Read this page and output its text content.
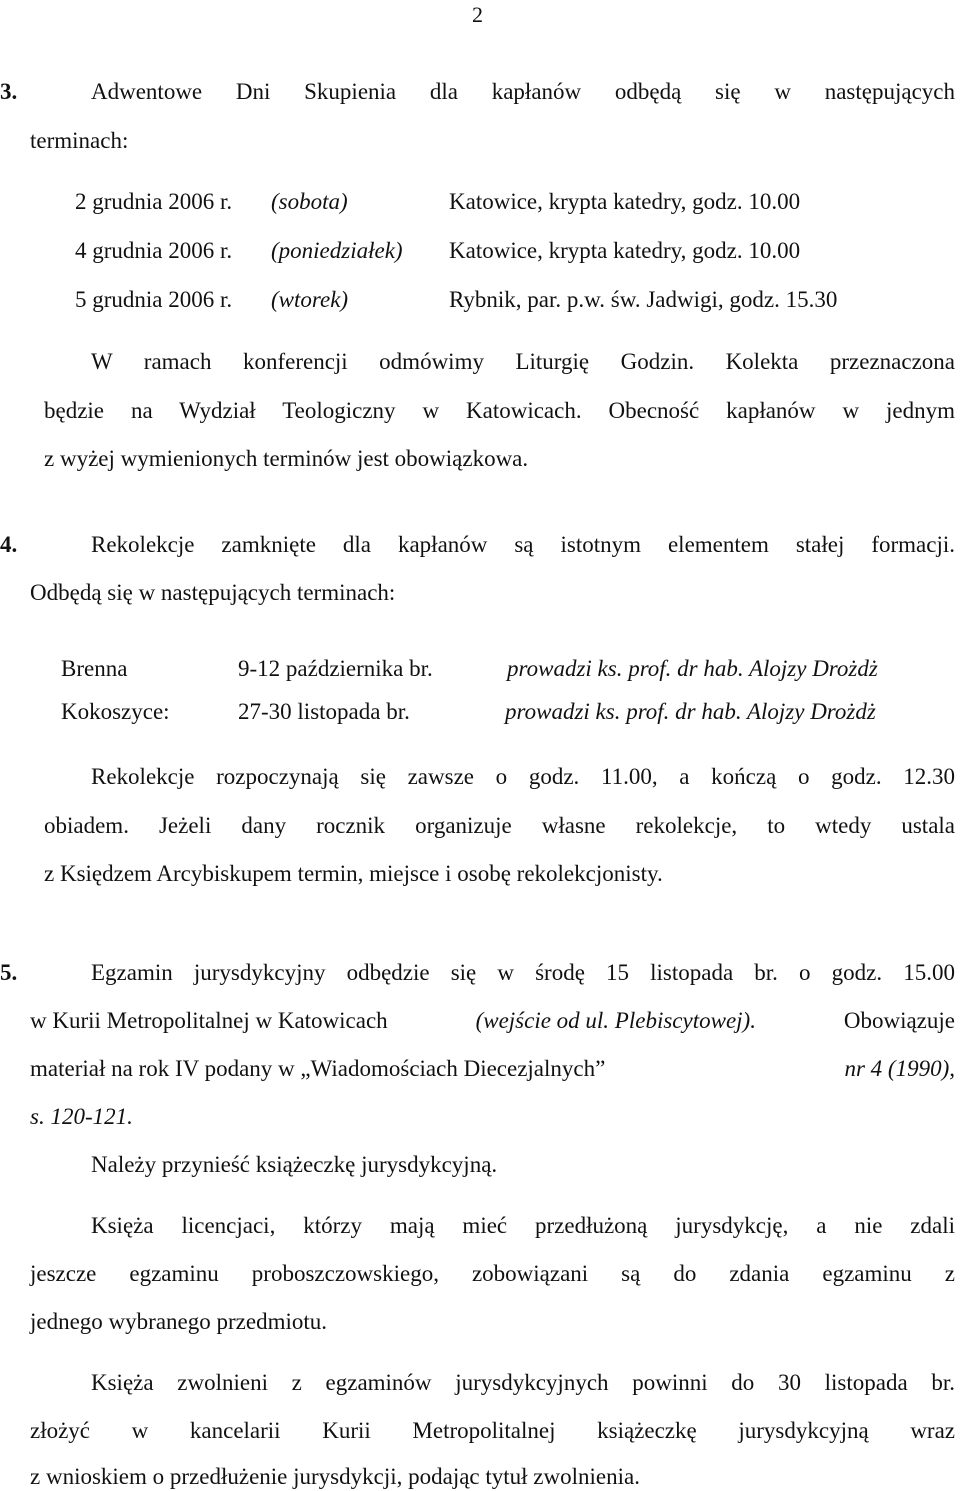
2
3.	Adwentowe Dni Skupienia dla kapłanów odbędą się w następujących
terminach:
2 grudnia 2006 r. (sobota)	Katowice, krypta katedry, godz. 10.00
4 grudnia 2006 r. (poniedziałek) Katowice, krypta katedry, godz. 10.00
5 grudnia 2006 r. (wtorek)	Rybnik, par. p.w. św. Jadwigi, godz. 15.30
W ramach konferencji odmówimy Liturgię Godzin. Kolekta przeznaczona
będzie na Wydział Teologiczny w Katowicach. Obecność kapłanów w jednym
z wyżej wymienionych terminów jest obowiązkowa.
4.	Rekolekcje zamknięte dla kapłanów są istotnym elementem stałej formacji.
Odbędą się w następujących terminach:
Brenna	9-12 października br.	prowadzi ks. prof. dr hab. Alojzy Drożdż
Kokoszyce:	27-30 listopada br.	prowadzi ks. prof. dr hab. Alojzy Drożdż
Rekolekcje rozpoczynają się zawsze o godz. 11.00, a kończą o godz. 12.30
obiadem. Jeżeli dany rocznik organizuje własne rekolekcje, to wtedy ustala
z Księdzem Arcybiskupem termin, miejsce i osobę rekolekcjonisty.
5.	Egzamin jurysdykcyjny odbędzie się w środę 15 listopada br. o godz. 15.00
w Kurii Metropolitalnej w Katowicach	(wejście od ul. Plebiscytowej).	Obowiązuje
materiał na rok IV podany w „Wiadomościach Diecezjalnych”	nr 4 (1990),
s. 120-121.
Należy przynieść książeczkę jurysdykcyjną.
Księża licencjaci, którzy mają mieć przedłużoną jurysdykcję, a nie zdali
jeszcze egzaminu proboszczowskiego, zobowiązani są do zdania egzaminu z
jednego wybranego przedmiotu.
Księża zwolnieni z egzaminów jurysdykcyjnych powinni do 30 listopada br.
złożyć w kancelarii Kurii Metropolitalnej książeczkę jurysdykcyjną wraz
z wnioskiem o przedłużenie jurysdykcji, podając tytuł zwolnienia.
